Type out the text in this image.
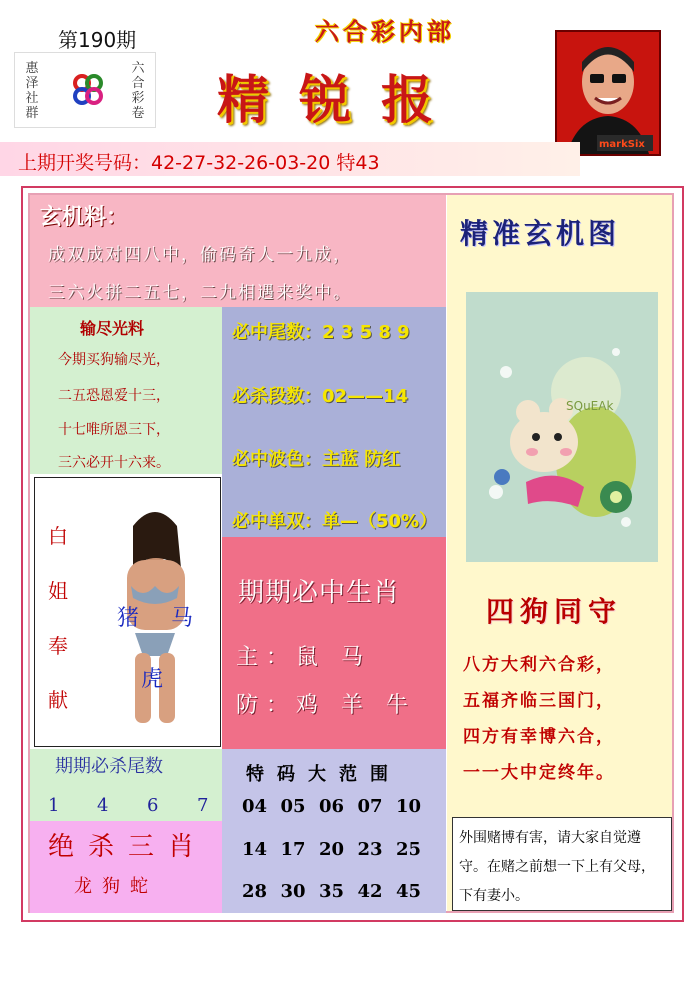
第190期	六合彩内部
惠
泽
社
群
六
合
彩
卷	精锐报
markSix
上期开奖号码：42-27-32-26-03-20 特43
精准玄机图
SQuEAk
四狗同守
八方大利六合彩，
五福齐临三国门，
四方有幸博六合，
一一大中定终年。
外围赌博有害，请大家自觉遵守。在赌之前想一下上有父母，下有妻小。
玄机料：
成双成对四八中，偷码奇人一九成，
三六火拼二五七，二九相遇来奖中。
输尽光料
今期买狗输尽光，
二五恐恩爱十三，
十七唯所恩三下，
三六必开十六来。
必中尾数：2 3 5 8 9
必杀段数：02——14
必中波色：主蓝 防红
必中单双：单—（50%）
白
姐
奉
献
猪 马
虎
期期必中生肖
主：鼠 马
防：鸡 羊 牛
期期必杀尾数
1 4 6 7
绝杀三肖
龙狗蛇
特码大范围
04 05 06 07 10
14 17 20 23 25
28 30 35 42 45
